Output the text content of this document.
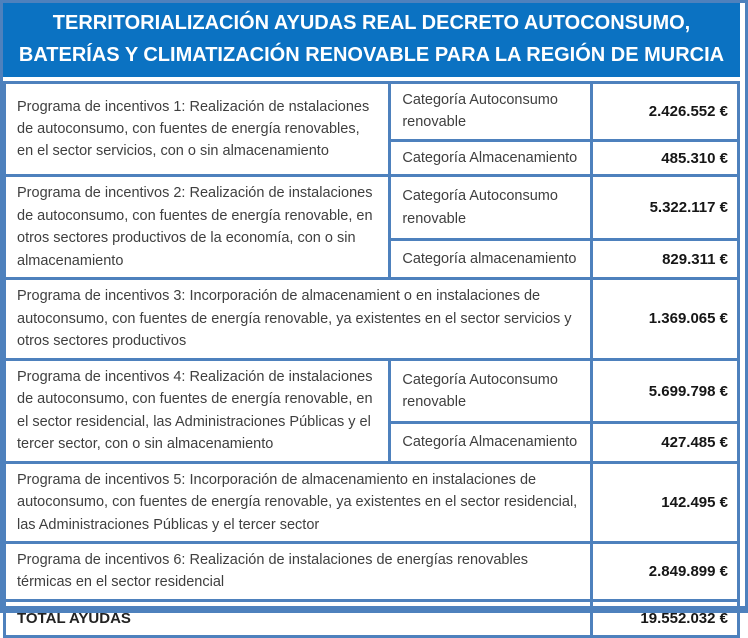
TERRITORIALIZACIÓN AYUDAS REAL DECRETO AUTOCONSUMO,
BATERÍAS Y CLIMATIZACIÓN RENOVABLE PARA LA REGIÓN DE MURCIA
Programa de incentivos 1: Realización de nstalaciones de autoconsumo, con fuentes de energía renovables, en el sector servicios, con o sin almacenamiento	Categoría Autoconsumo renovable	2.426.552 €
	Categoría Almacenamiento	485.310 €
Programa de incentivos 2: Realización de instalaciones de autoconsumo, con fuentes de energía renovable, en otros sectores productivos de la economía, con o sin almacenamiento	Categoría Autoconsumo renovable	5.322.117 €
	Categoría almacenamiento	829.311 €
Programa de incentivos 3: Incorporación de almacenamient o en instalaciones de autoconsumo, con fuentes de energía renovable, ya existentes en el sector servicios y otros sectores productivos		1.369.065 €
Programa de incentivos 4: Realización de instalaciones de autoconsumo, con fuentes de energía renovable, en el sector residencial, las Administraciones Públicas y el tercer sector, con o sin almacenamiento	Categoría Autoconsumo renovable	5.699.798 €
	Categoría Almacenamiento	427.485 €
Programa de incentivos 5: Incorporación de almacenamiento en instalaciones de autoconsumo, con fuentes de energía renovable, ya existentes en el sector residencial, las Administraciones Públicas y el tercer sector		142.495 €
Programa de incentivos 6: Realización de instalaciones de energías renovables térmicas en el sector residencial		2.849.899 €
TOTAL AYUDAS		19.552.032 €
